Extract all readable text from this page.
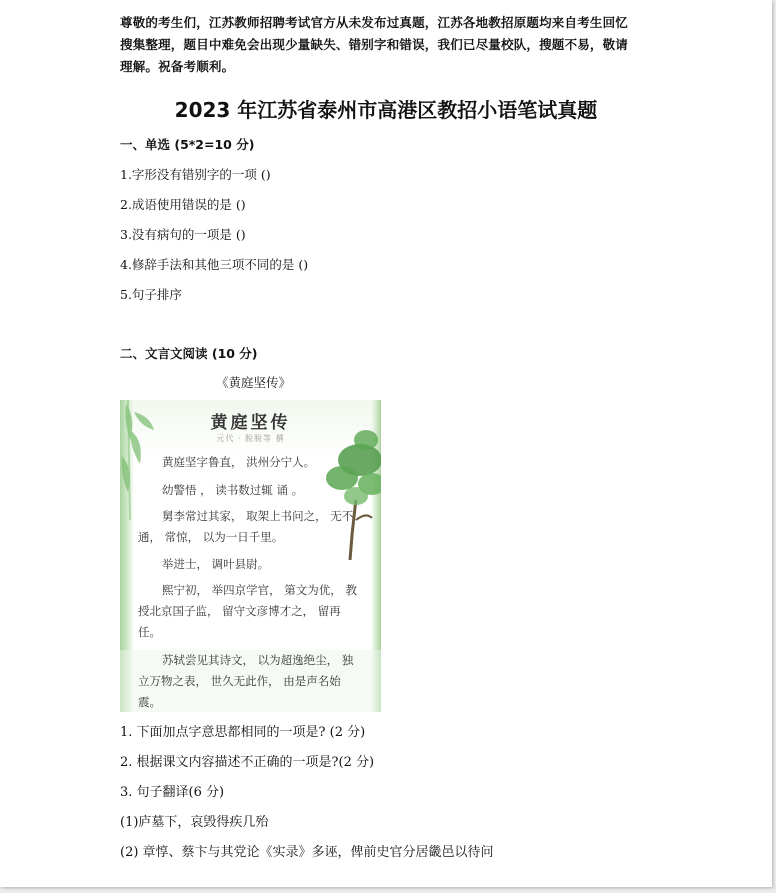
尊敬的考生们，江苏教师招聘考试官方从未发布过真题，江苏各地教招原题均来自考生回忆
搜集整理，题目中难免会出现少量缺失、错别字和错误，我们已尽量校队，搜题不易，敬请
理解。祝备考顺利。
2023 年江苏省泰州市高港区教招小语笔试真题
一、单选 (5*2=10 分)
1.字形没有错别字的一项 ()
2.成语使用错误的是 ()
3.没有病句的一项是 ()
4.修辞手法和其他三项不同的是 ()
5.句子排序
二、文言文阅读 (10 分)
《黄庭坚传》
黄庭坚传
元代 · 脱脱等 撰
黄庭坚字鲁直， 洪州分宁人。
幼警悟 ， 读书数过辄 诵 。
舅李常过其家， 取架上书问之， 无不通， 常惊， 以为一日千里。
举进士， 调叶县尉。
熙宁初， 举四京学官， 第文为优， 教授北京国子监， 留守文彦博才之， 留再任。
苏轼尝见其诗文， 以为超逸绝尘， 独立万物之表， 世久无此作， 由是声名始震。
1. 下面加点字意思都相同的一项是? (2 分)
2. 根据课文内容描述不正确的一项是?(2 分)
3. 句子翻译(6 分)
(1)庐墓下，哀毁得疾几殆
(2) 章惇、蔡卞与其党论《实录》多诬，俾前史官分居畿邑以待问
